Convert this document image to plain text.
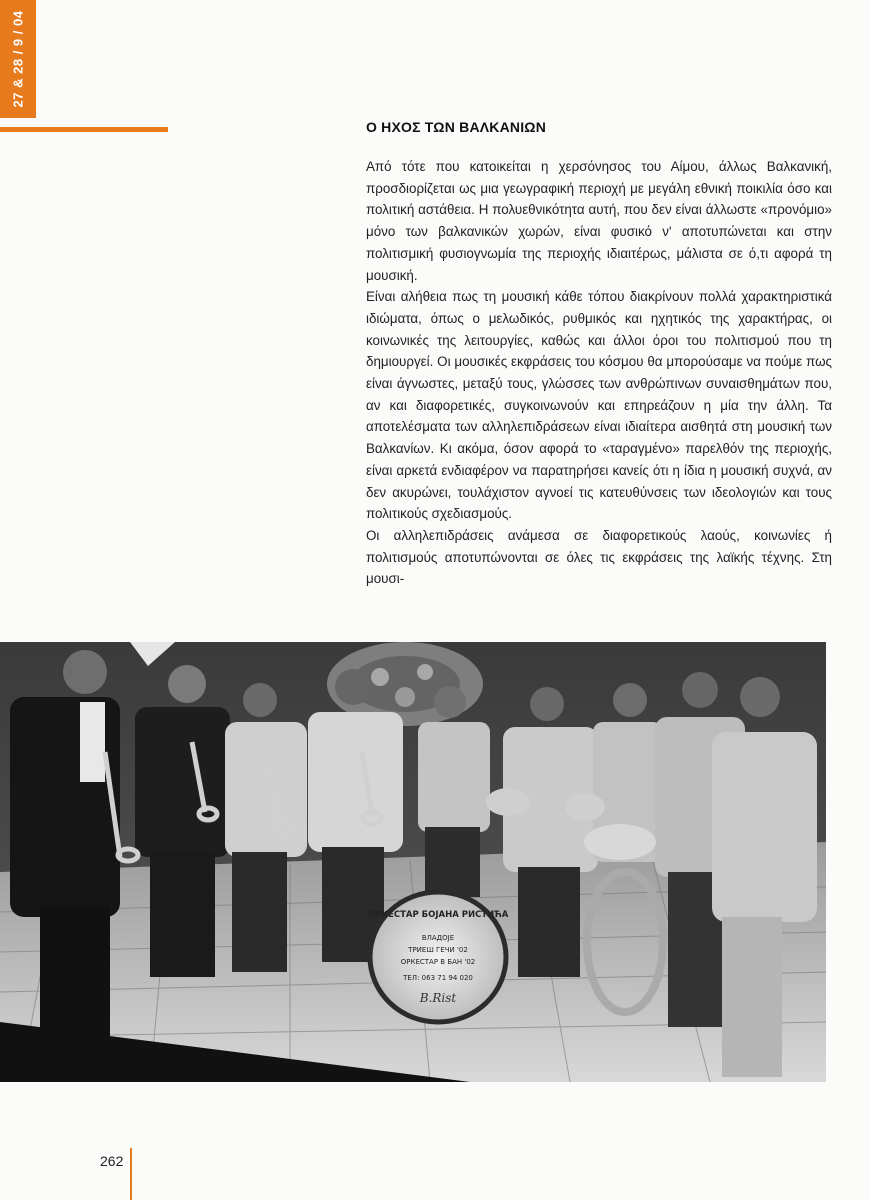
27 & 28 / 9 / 04
Ο ΗΧΟΣ ΤΩΝ ΒΑΛΚΑΝΙΩΝ

Από τότε που κατοικείται η χερσόνησος του Αίμου, άλλως Βαλκανική, προσδιορίζεται ως μια γεωγραφική περιοχή με μεγάλη εθνική ποικιλία όσο και πολιτική αστάθεια. Η πολυεθνικότητα αυτή, που δεν είναι άλλωστε «προνόμιο» μόνο των βαλκανικών χωρών, είναι φυσικό ν' αποτυπώνεται και στην πολιτισμική φυσιογνωμία της περιοχής ιδιαιτέρως, μάλιστα σε ό,τι αφορά τη μουσική.

Είναι αλήθεια πως τη μουσική κάθε τόπου διακρίνουν πολλά χαρακτηριστικά ιδιώματα, όπως ο μελωδικός, ρυθμικός και ηχητικός της χαρακτήρας, οι κοινωνικές της λειτουργίες, καθώς και άλλοι όροι του πολιτισμού που τη δημιουργεί. Οι μουσικές εκφράσεις του κόσμου θα μπορούσαμε να πούμε πως είναι άγνωστες, μεταξύ τους, γλώσσες των ανθρώπινων συναισθημάτων που, αν και διαφορετικές, συγκοινωνούν και επηρεάζουν η μία την άλλη. Τα αποτελέσματα των αλληλεπιδράσεων είναι ιδιαίτερα αισθητά στη μουσική των Βαλκανίων. Κι ακόμα, όσον αφορά το «ταραγμένο» παρελθόν της περιοχής, είναι αρκετά ενδιαφέρον να παρατηρήσει κανείς ότι η ίδια η μουσική συχνά, αν δεν ακυρώνει, τουλάχιστον αγνοεί τις κατευθύνσεις των ιδεολογιών και τους πολιτικούς σχεδιασμούς.

Οι αλληλεπιδράσεις ανάμεσα σε διαφορετικούς λαούς, κοινωνίες ή πολιτισμούς αποτυπώνονται σε όλες τις εκφράσεις της λαϊκής τέχνης. Στη μουσι-

ОРКЕСТАР БОЈАНА РИСТИЋА
ВЛАДОЈЕ
ТРИЕШ ГЕЧИ '02
ОРКЕСТАР В БАН '02
ТЕЛ: 063 71 94 020
B.Rist
262
